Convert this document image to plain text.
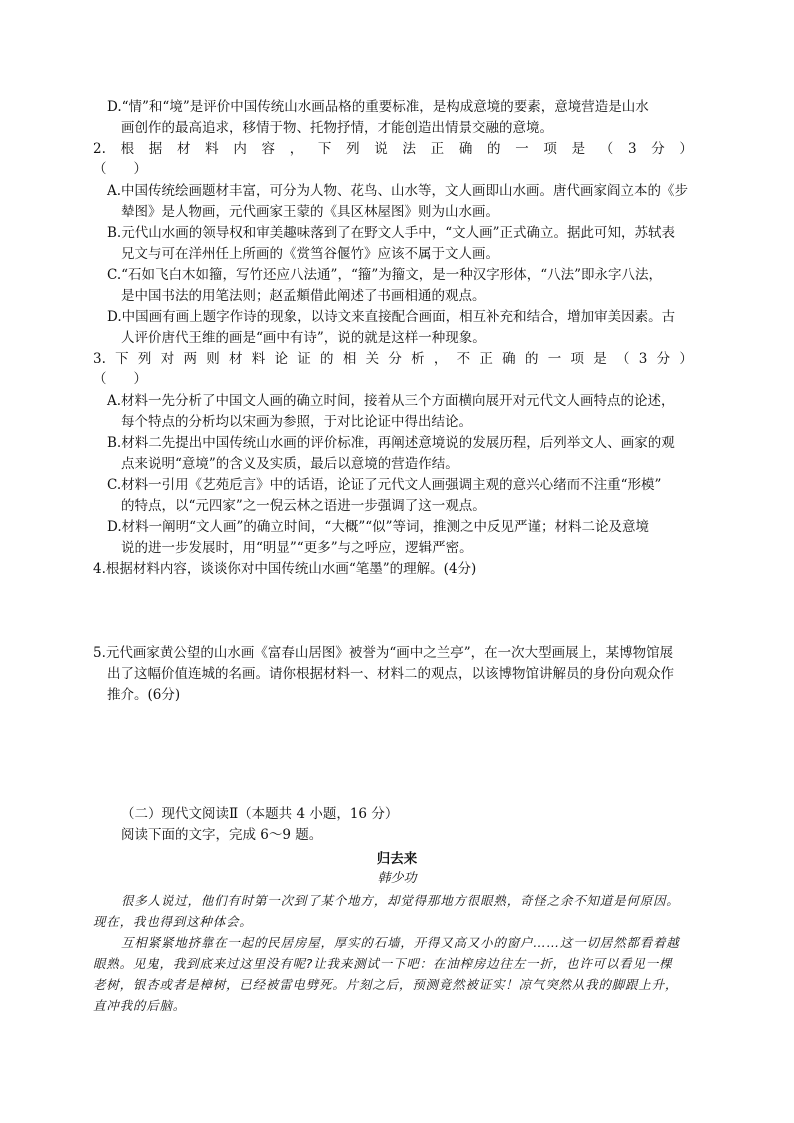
D.“情”和“境”是评价中国传统山水画品格的重要标准，是构成意境的要素，意境营造是山水
画创作的最高追求，移情于物、托物抒情，才能创造出情景交融的意境。
2. 根 据 材 料 内 容 ， 下 列 说 法 正 确 的 一 项 是 （ 3 分 ）
（　　）
A.中国传统绘画题材丰富，可分为人物、花鸟、山水等，文人画即山水画。唐代画家阎立本的《步
辇图》是人物画，元代画家王蒙的《具区林屋图》则为山水画。
B.元代山水画的领导权和审美趣味落到了在野文人手中，“文人画”正式确立。据此可知，苏轼表
兄文与可在洋州任上所画的《赏筜谷偃竹》应该不属于文人画。
C.“石如飞白木如籀，写竹还应八法通”，“籀”为籀文，是一种汉字形体，“八法”即永字八法，
是中国书法的用笔法则；赵孟頫借此阐述了书画相通的观点。
D.中国画有画上题字作诗的现象，以诗文来直接配合画面，相互补充和结合，增加审美因素。古
人评价唐代王维的画是“画中有诗”，说的就是这样一种现象。
3. 下 列 对 两 则 材 料 论 证 的 相 关 分 析 ， 不 正 确 的 一 项 是 （ 3 分 ）
（　　）
A.材料一先分析了中国文人画的确立时间，接着从三个方面横向展开对元代文人画特点的论述，
每个特点的分析均以宋画为参照，于对比论证中得出结论。
B.材料二先提出中国传统山水画的评价标准，再阐述意境说的发展历程，后列举文人、画家的观
点来说明“意境”的含义及实质，最后以意境的营造作结。
C.材料一引用《艺苑卮言》中的话语，论证了元代文人画强调主观的意兴心绪而不注重“形模”
的特点，以“元四家”之一倪云林之语进一步强调了这一观点。
D.材料一阐明“文人画”的确立时间，“大概”“似”等词，推测之中反见严谨；材料二论及意境
说的进一步发展时，用“明显”“更多”与之呼应，逻辑严密。
4.根据材料内容，谈谈你对中国传统山水画“笔墨”的理解。(4分)
5.元代画家黄公望的山水画《富春山居图》被誉为“画中之兰亭”，在一次大型画展上，某博物馆展
出了这幅价值连城的名画。请你根据材料一、材料二的观点，以该博物馆讲解员的身份向观众作
推介。(6分)
（二）现代文阅读Ⅱ（本题共 4 小题，16 分）
阅读下面的文字，完成 6～9 题。
归去来
韩少功
很多人说过，他们有时第一次到了某个地方，却觉得那地方很眼熟，奇怪之余不知道是何原因。
现在，我也得到这种体会。
互相紧紧地挤靠在一起的民居房屋，厚实的石墙，开得又高又小的窗户……这一切居然都看着越
眼熟。见鬼，我到底来过这里没有呢?让我来测试一下吧：在油榨房边往左一折，也许可以看见一棵
老树，银杏或者是樟树，已经被雷电劈死。片刻之后，预测竟然被证实！凉气突然从我的脚跟上升，
直冲我的后脑。
